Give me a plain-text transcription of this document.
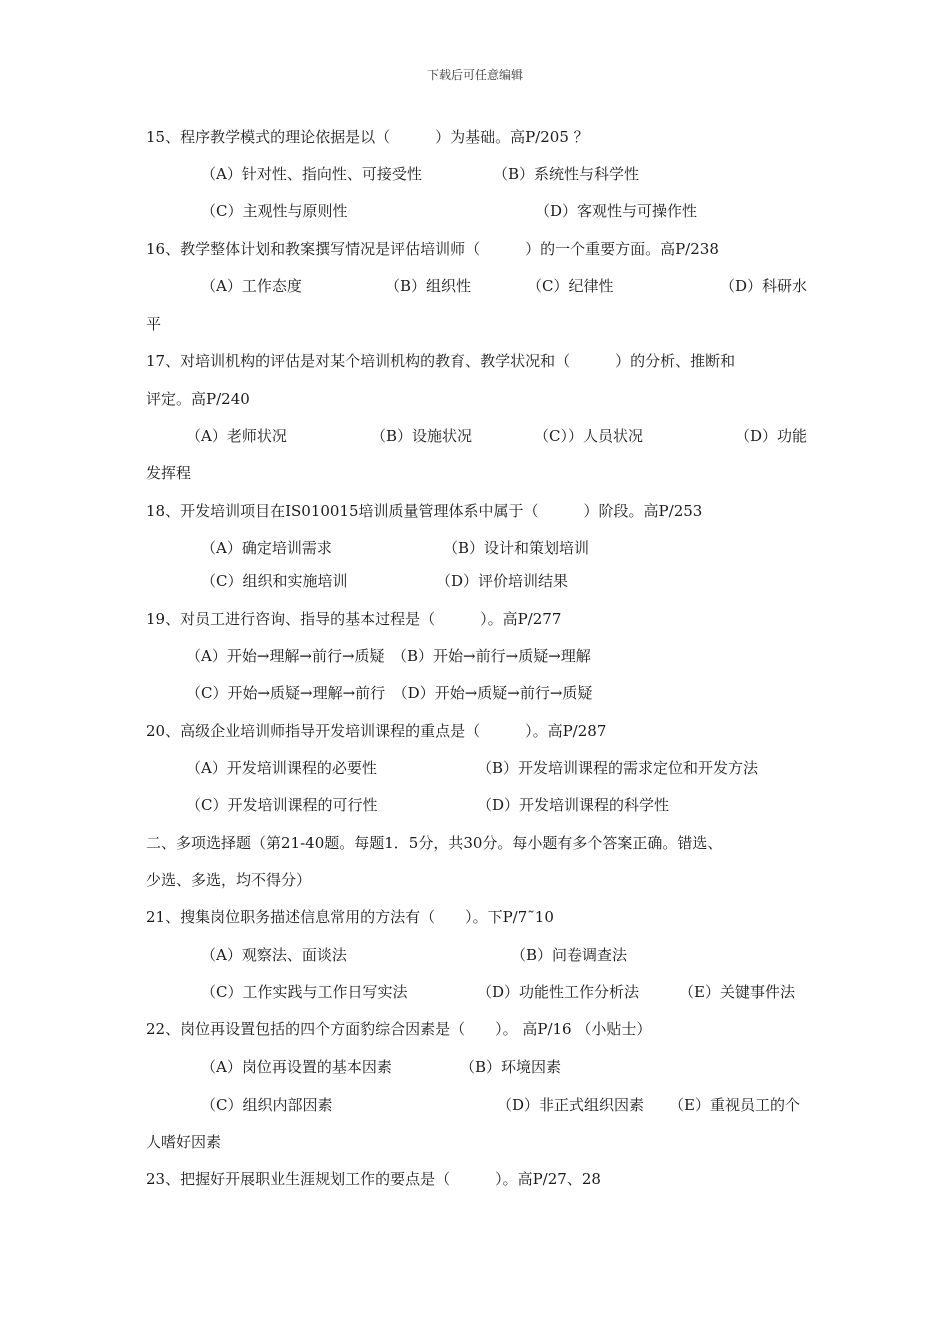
下载后可任意编辑
15、程序教学模式的理论依据是以（　　　）为基础。高P/205 ？
（A）针对性、指向性、可接受性	（B）系统性与科学性
（C）主观性与原则性	（D）客观性与可操作性
16、教学整体计划和教案撰写情况是评估培训师（　　　）的一个重要方面。高P/238
（A）工作态度	（B）组织性	（C）纪律性	（D）科研水
平
17、对培训机构的评估是对某个培训机构的教育、教学状况和（　　　）的分析、推断和
评定。高P/240
（A）老师状况	（B）设施状况	（C））人员状况	（D）功能
发挥程
18、开发培训项目在IS010015培训质量管理体系中属于（　　　）阶段。高P/253
（A）确定培训需求	（B）设计和策划培训
（C）组织和实施培训	（D）评价培训结果
19、对员工进行咨询、指导的基本过程是（　　　）。高P/277
（A）开始→理解→前行→质疑　（B）开始→前行→质疑→理解
（C）开始→质疑→理解→前行　（D）开始→质疑→前行→质疑
20、高级企业培训师指导开发培训课程的重点是（　　　）。高P/287
（A）开发培训课程的必要性	（B）开发培训课程的需求定位和开发方法
（C）开发培训课程的可行性	（D）开发培训课程的科学性
二、多项选择题（第21-40题。每题1．5分，共30分。每小题有多个答案正确。错选、
少选、多选，均不得分）
21、搜集岗位职务描述信息常用的方法有（　　）。下P/7˜10
（A）观察法、面谈法	（B）问卷调查法
（C）工作实践与工作日写实法	（D）功能性工作分析法	（E）关键事件法
22、岗位再设置包括的四个方面豹综合因素是（　　）。 高P/16 （小贴士）
（A）岗位再设置的基本因素	（B）环境因素
（C）组织内部因素	（D）非正式组织因素 （E）重视员工的个
人嗜好因素
23、把握好开展职业生涯规划工作的要点是（　　　）。高P/27、28
